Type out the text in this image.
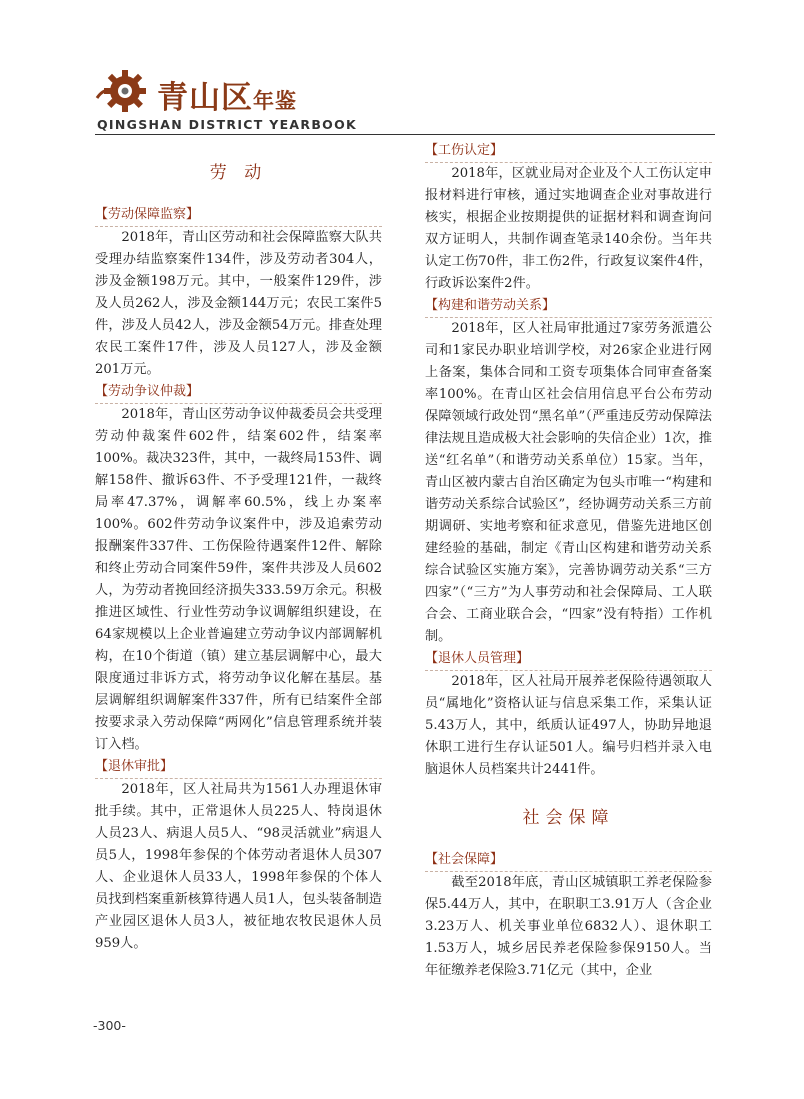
青山区年鉴
QINGSHAN DISTRICT YEARBOOK
劳 动
【劳动保障监察】

2018年，青山区劳动和社会保障监察大队共受理办结监察案件134件，涉及劳动者304人，涉及金额198万元。其中，一般案件129件，涉及人员262人，涉及金额144万元；农民工案件5件，涉及人员42人，涉及金额54万元。排查处理农民工案件17件，涉及人员127人，涉及金额201万元。

【劳动争议仲裁】

2018年，青山区劳动争议仲裁委员会共受理劳动仲裁案件602件，结案602件，结案率100%。裁决323件，其中，一裁终局153件、调解158件、撤诉63件、不予受理121件，一裁终局率47.37%，调解率60.5%，线上办案率100%。602件劳动争议案件中，涉及追索劳动报酬案件337件、工伤保险待遇案件12件、解除和终止劳动合同案件59件，案件共涉及人员602人，为劳动者挽回经济损失333.59万余元。积极推进区域性、行业性劳动争议调解组织建设，在64家规模以上企业普遍建立劳动争议内部调解机构，在10个街道（镇）建立基层调解中心，最大限度通过非诉方式，将劳动争议化解在基层。基层调解组织调解案件337件，所有已结案件全部按要求录入劳动保障“两网化”信息管理系统并装订入档。

【退休审批】

2018年，区人社局共为1561人办理退休审批手续。其中，正常退休人员225人、特岗退休人员23人、病退人员5人、“98灵活就业”病退人员5人，1998年参保的个体劳动者退休人员307人、企业退休人员33人，1998年参保的个体人员找到档案重新核算待遇人员1人，包头装备制造产业园区退休人员3人，被征地农牧民退休人员959人。

【工伤认定】

2018年，区就业局对企业及个人工伤认定申报材料进行审核，通过实地调查企业对事故进行核实，根据企业按期提供的证据材料和调查询问双方证明人，共制作调查笔录140余份。当年共认定工伤70件，非工伤2件，行政复议案件4件，行政诉讼案件2件。

【构建和谐劳动关系】

2018年，区人社局审批通过7家劳务派遣公司和1家民办职业培训学校，对26家企业进行网上备案，集体合同和工资专项集体合同审查备案率100%。在青山区社会信用信息平台公布劳动保障领域行政处罚“黑名单”（严重违反劳动保障法律法规且造成极大社会影响的失信企业）1次，推送“红名单”（和谐劳动关系单位）15家。当年，青山区被内蒙古自治区确定为包头市唯一“构建和谐劳动关系综合试验区”，经协调劳动关系三方前期调研、实地考察和征求意见，借鉴先进地区创建经验的基础，制定《青山区构建和谐劳动关系综合试验区实施方案》，完善协调劳动关系“三方四家”（“三方”为人事劳动和社会保障局、工人联合会、工商业联合会，“四家”没有特指）工作机制。

【退休人员管理】

2018年，区人社局开展养老保险待遇领取人员“属地化”资格认证与信息采集工作，采集认证5.43万人，其中，纸质认证497人，协助异地退休职工进行生存认证501人。编号归档并录入电脑退休人员档案共计2441件。

社会保障
【社会保障】

截至2018年底，青山区城镇职工养老保险参保5.44万人，其中，在职职工3.91万人（含企业3.23万人、机关事业单位6832人）、退休职工1.53万人，城乡居民养老保险参保9150人。当年征缴养老保险3.71亿元（其中，企业

-300-
